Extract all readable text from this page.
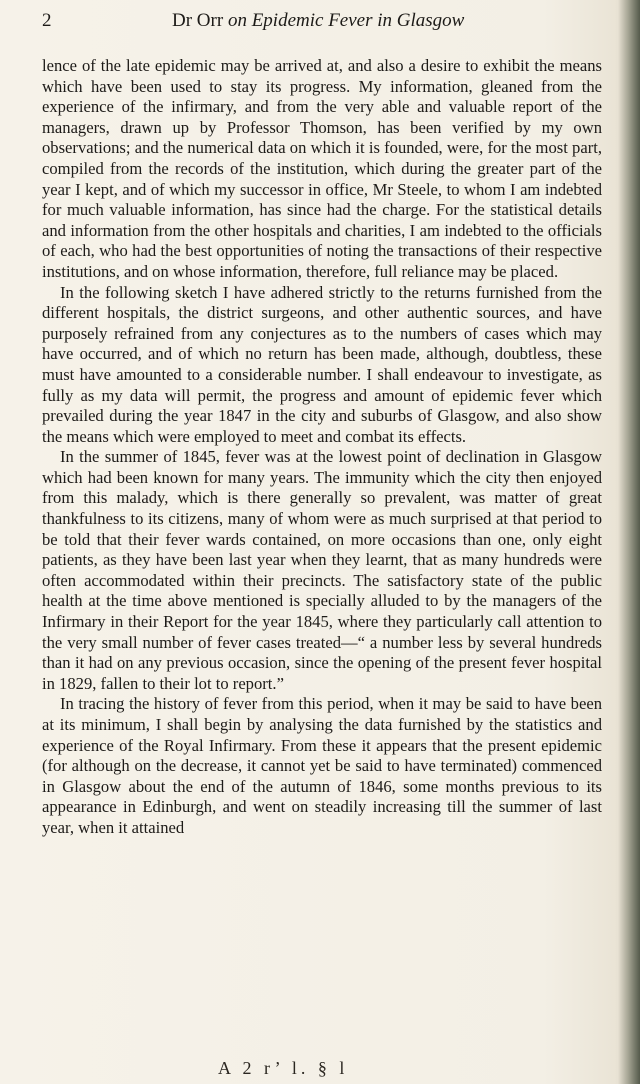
2	Dr Orr on Epidemic Fever in Glasgow

lence of the late epidemic may be arrived at, and also a desire to exhibit the means which have been used to stay its progress. My information, gleaned from the experience of the infirmary, and from the very able and valuable report of the managers, drawn up by Professor Thomson, has been verified by my own observations; and the numerical data on which it is founded, were, for the most part, compiled from the records of the institution, which during the greater part of the year I kept, and of which my successor in office, Mr Steele, to whom I am indebted for much valuable information, has since had the charge. For the statistical details and information from the other hospitals and charities, I am indebted to the officials of each, who had the best opportunities of noting the transactions of their respective institutions, and on whose information, therefore, full reliance may be placed.

In the following sketch I have adhered strictly to the returns furnished from the different hospitals, the district surgeons, and other authentic sources, and have purposely refrained from any conjectures as to the numbers of cases which may have occurred, and of which no return has been made, although, doubtless, these must have amounted to a considerable number. I shall endeavour to investigate, as fully as my data will permit, the progress and amount of epidemic fever which prevailed during the year 1847 in the city and suburbs of Glasgow, and also show the means which were employed to meet and combat its effects.

In the summer of 1845, fever was at the lowest point of declination in Glasgow which had been known for many years. The immunity which the city then enjoyed from this malady, which is there generally so prevalent, was matter of great thankfulness to its citizens, many of whom were as much surprised at that period to be told that their fever wards contained, on more occasions than one, only eight patients, as they have been last year when they learnt, that as many hundreds were often accommodated within their precincts. The satisfactory state of the public health at the time above mentioned is specially alluded to by the managers of the Infirmary in their Report for the year 1845, where they particularly call attention to the very small number of fever cases treated—“ a number less by several hundreds than it had on any previous occasion, since the opening of the present fever hospital in 1829, fallen to their lot to report.”

In tracing the history of fever from this period, when it may be said to have been at its minimum, I shall begin by analysing the data furnished by the statistics and experience of the Royal Infirmary. From these it appears that the present epidemic (for although on the decrease, it cannot yet be said to have terminated) commenced in Glasgow about the end of the autumn of 1846, some months previous to its appearance in Edinburgh, and went on steadily increasing till the summer of last year, when it attained

A 2 r’ l. § l
